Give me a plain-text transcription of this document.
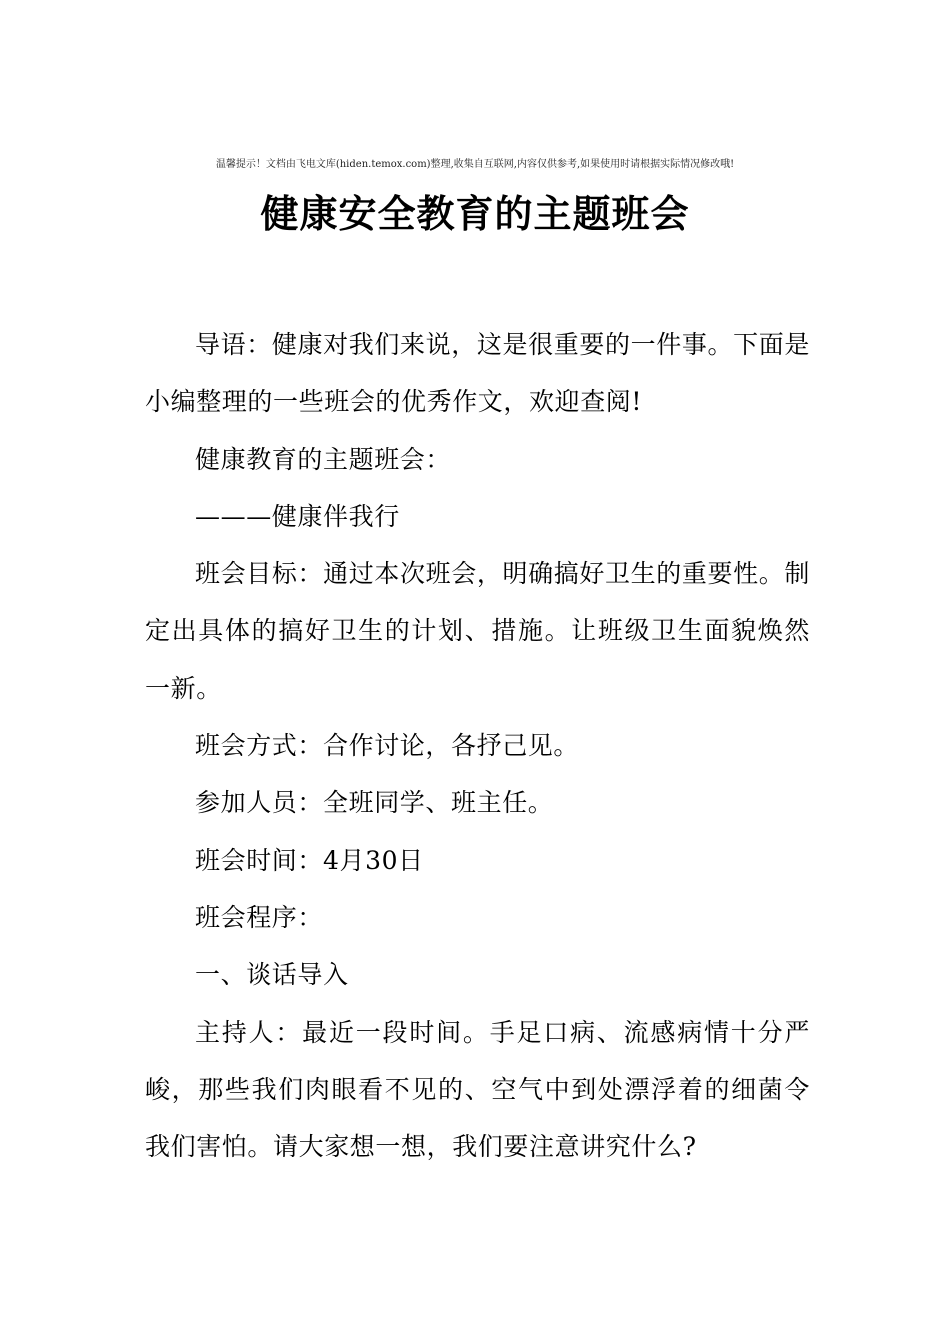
温馨提示！文档由飞电文库(hiden.temox.com)整理,收集自互联网,内容仅供参考,如果使用时请根据实际情况修改哦!
健康安全教育的主题班会

导语：健康对我们来说，这是很重要的一件事。下面是小编整理的一些班会的优秀作文，欢迎查阅!

健康教育的主题班会：

———健康伴我行

班会目标：通过本次班会，明确搞好卫生的重要性。制定出具体的搞好卫生的计划、措施。让班级卫生面貌焕然一新。

班会方式：合作讨论，各抒己见。

参加人员：全班同学、班主任。

班会时间：4月30日

班会程序：

一、谈话导入

主持人：最近一段时间。手足口病、流感病情十分严峻，那些我们肉眼看不见的、空气中到处漂浮着的细菌令我们害怕。请大家想一想，我们要注意讲究什么?
